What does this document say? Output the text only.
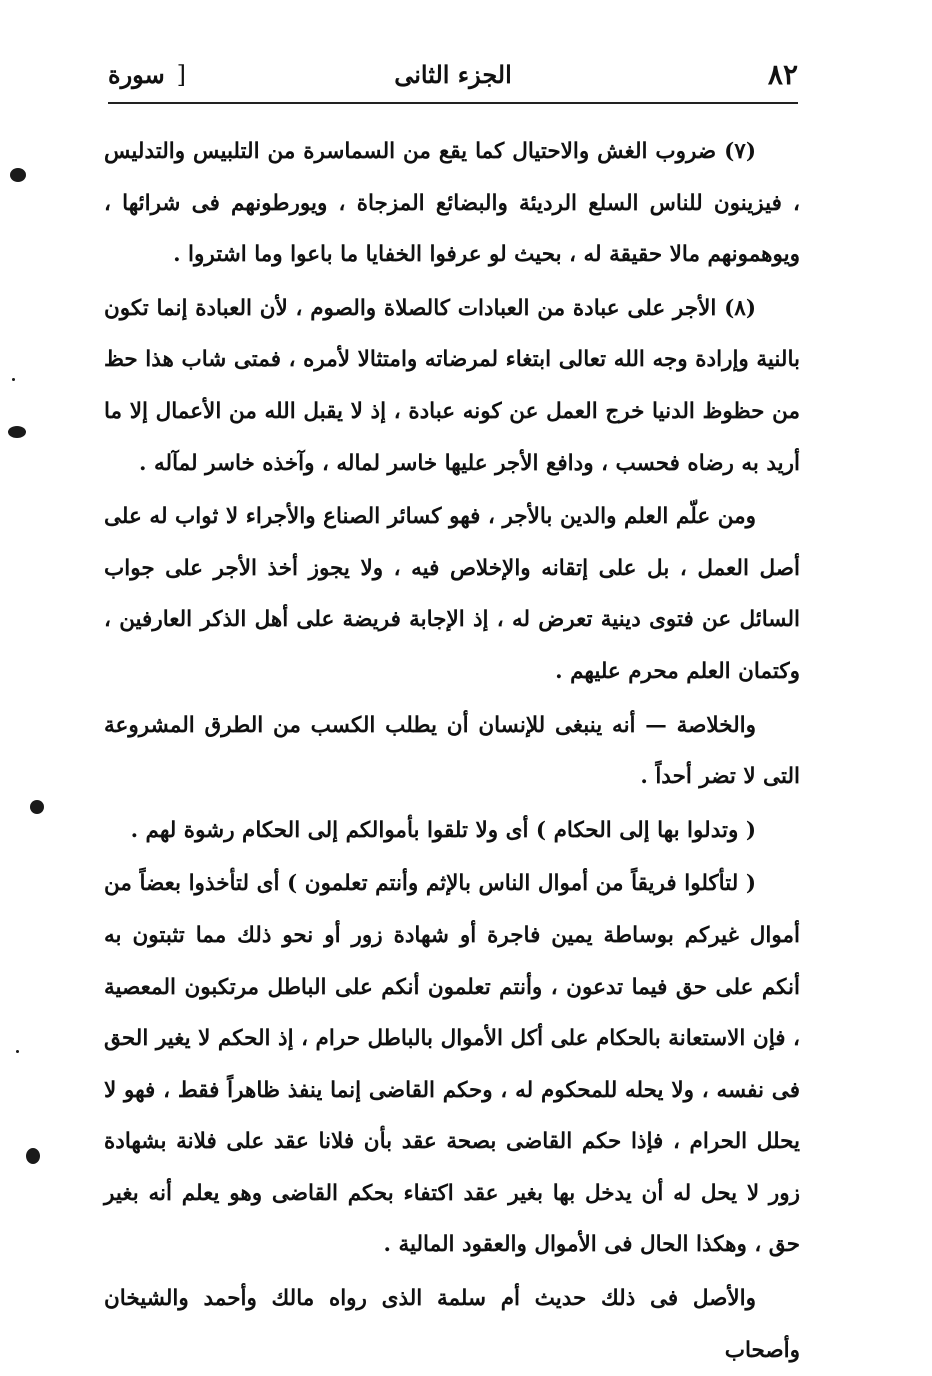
٨٢
الجزء الثانى
[سورة

(٧) ضروب الغش والاحتيال كما يقع من السماسرة من التلبيس والتدليس ، فيزينون للناس السلع الرديئة والبضائع المزجاة ، ويورطونهم فى شرائها ، ويوهمونهم مالا حقيقة له ، بحيث لو عرفوا الخفايا ما باعوا وما اشتروا .

(٨) الأجر على عبادة من العبادات كالصلاة والصوم ، لأن العبادة إنما تكون بالنية وإرادة وجه الله تعالى ابتغاء لمرضاته وامتثالا لأمره ، فمتى شاب هذا حظ من حظوظ الدنيا خرج العمل عن كونه عبادة ، إذ لا يقبل الله من الأعمال إلا ما أريد به رضاه فحسب ، ودافع الأجر عليها خاسر لماله ، وآخذه خاسر لمآله .

ومن علّم العلم والدين بالأجر ، فهو كسائر الصناع والأجراء لا ثواب له على أصل العمل ، بل على إتقانه والإخلاص فيه ، ولا يجوز أخذ الأجر على جواب السائل عن فتوى دينية تعرض له ، إذ الإجابة فريضة على أهل الذكر العارفين ، وكتمان العلم محرم عليهم .

والخلاصة — أنه ينبغى للإنسان أن يطلب الكسب من الطرق المشروعة التى لا تضر أحداً .

( وتدلوا بها إلى الحكام ) أى ولا تلقوا بأموالكم إلى الحكام رشوة لهم .

( لتأكلوا فريقاً من أموال الناس بالإثم وأنتم تعلمون ) أى لتأخذوا بعضاً من أموال غيركم بوساطة يمين فاجرة أو شهادة زور أو نحو ذلك مما تثبتون به أنكم على حق فيما تدعون ، وأنتم تعلمون أنكم على الباطل مرتكبون المعصية ، فإن الاستعانة بالحكام على أكل الأموال بالباطل حرام ، إذ الحكم لا يغير الحق فى نفسه ، ولا يحله للمحكوم له ، وحكم القاضى إنما ينفذ ظاهراً فقط ، فهو لا يحلل الحرام ، فإذا حكم القاضى بصحة عقد بأن فلانا عقد على فلانة بشهادة زور لا يحل له أن يدخل بها بغير عقد اكتفاء بحكم القاضى وهو يعلم أنه بغير حق ، وهكذا الحال فى الأموال والعقود المالية .

والأصل فى ذلك حديث أم سلمة الذى رواه مالك وأحمد والشيخان وأصحاب
